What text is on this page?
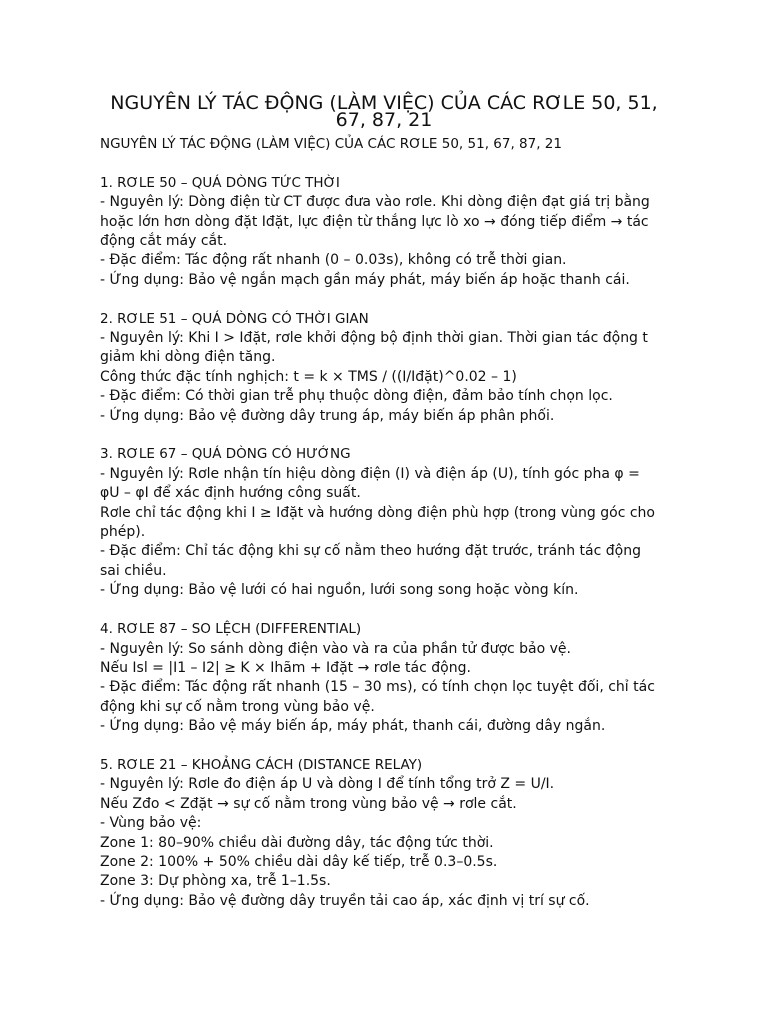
NGUYÊN LÝ TÁC ĐỘNG (LÀM VIỆC) CỦA CÁC RƠLE 50, 51,
67, 87, 21

NGUYÊN LÝ TÁC ĐỘNG (LÀM VIỆC) CỦA CÁC RƠLE 50, 51, 67, 87, 21

1. RƠLE 50 – QUÁ DÒNG TỨC THỜI

- Nguyên lý: Dòng điện từ CT được đưa vào rơle. Khi dòng điện đạt giá trị bằng

hoặc lớn hơn dòng đặt Iđặt, lực điện từ thắng lực lò xo → đóng tiếp điểm → tác

động cắt máy cắt.

- Đặc điểm: Tác động rất nhanh (0 – 0.03s), không có trễ thời gian.

- Ứng dụng: Bảo vệ ngắn mạch gần máy phát, máy biến áp hoặc thanh cái.

2. RƠLE 51 – QUÁ DÒNG CÓ THỜI GIAN

- Nguyên lý: Khi I > Iđặt, rơle khởi động bộ định thời gian. Thời gian tác động t

giảm khi dòng điện tăng.

Công thức đặc tính nghịch: t = k × TMS / ((I/Iđặt)^0.02 – 1)

- Đặc điểm: Có thời gian trễ phụ thuộc dòng điện, đảm bảo tính chọn lọc.

- Ứng dụng: Bảo vệ đường dây trung áp, máy biến áp phân phối.

3. RƠLE 67 – QUÁ DÒNG CÓ HƯỚNG

- Nguyên lý: Rơle nhận tín hiệu dòng điện (I) và điện áp (U), tính góc pha φ =

φU – φI để xác định hướng công suất.

Rơle chỉ tác động khi I ≥ Iđặt và hướng dòng điện phù hợp (trong vùng góc cho

phép).

- Đặc điểm: Chỉ tác động khi sự cố nằm theo hướng đặt trước, tránh tác động

sai chiều.

- Ứng dụng: Bảo vệ lưới có hai nguồn, lưới song song hoặc vòng kín.

4. RƠLE 87 – SO LỆCH (DIFFERENTIAL)

- Nguyên lý: So sánh dòng điện vào và ra của phần tử được bảo vệ.

Nếu Isl = |I1 – I2| ≥ K × Ihãm + Iđặt → rơle tác động.

- Đặc điểm: Tác động rất nhanh (15 – 30 ms), có tính chọn lọc tuyệt đối, chỉ tác

động khi sự cố nằm trong vùng bảo vệ.

- Ứng dụng: Bảo vệ máy biến áp, máy phát, thanh cái, đường dây ngắn.

5. RƠLE 21 – KHOẢNG CÁCH (DISTANCE RELAY)

- Nguyên lý: Rơle đo điện áp U và dòng I để tính tổng trở Z = U/I.

Nếu Zđo < Zđặt → sự cố nằm trong vùng bảo vệ → rơle cắt.

- Vùng bảo vệ:

Zone 1: 80–90% chiều dài đường dây, tác động tức thời.

Zone 2: 100% + 50% chiều dài dây kế tiếp, trễ 0.3–0.5s.

Zone 3: Dự phòng xa, trễ 1–1.5s.

- Ứng dụng: Bảo vệ đường dây truyền tải cao áp, xác định vị trí sự cố.
